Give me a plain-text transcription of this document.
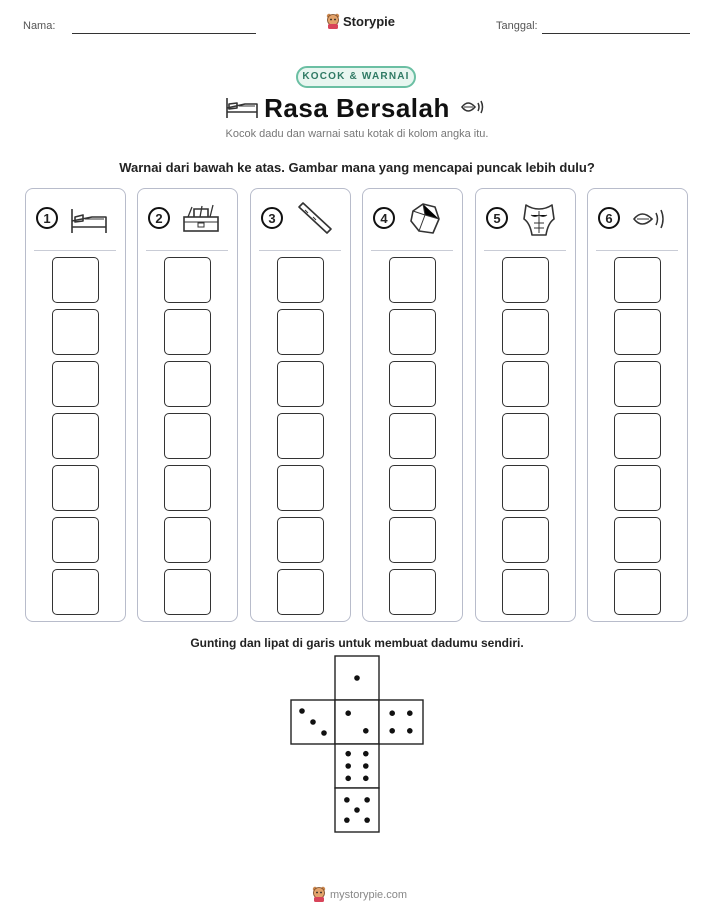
Nama:	Storypie	Tanggal:
KOCOK & WARNAI
Rasa Bersalah
Kocok dadu dan warnai satu kotak di kolom angka itu.
Warnai dari bawah ke atas. Gambar mana yang mencapai puncak lebih dulu?
1	2	3	4	5	6
Gunting dan lipat di garis untuk membuat dadumu sendiri.
mystorypie.com
